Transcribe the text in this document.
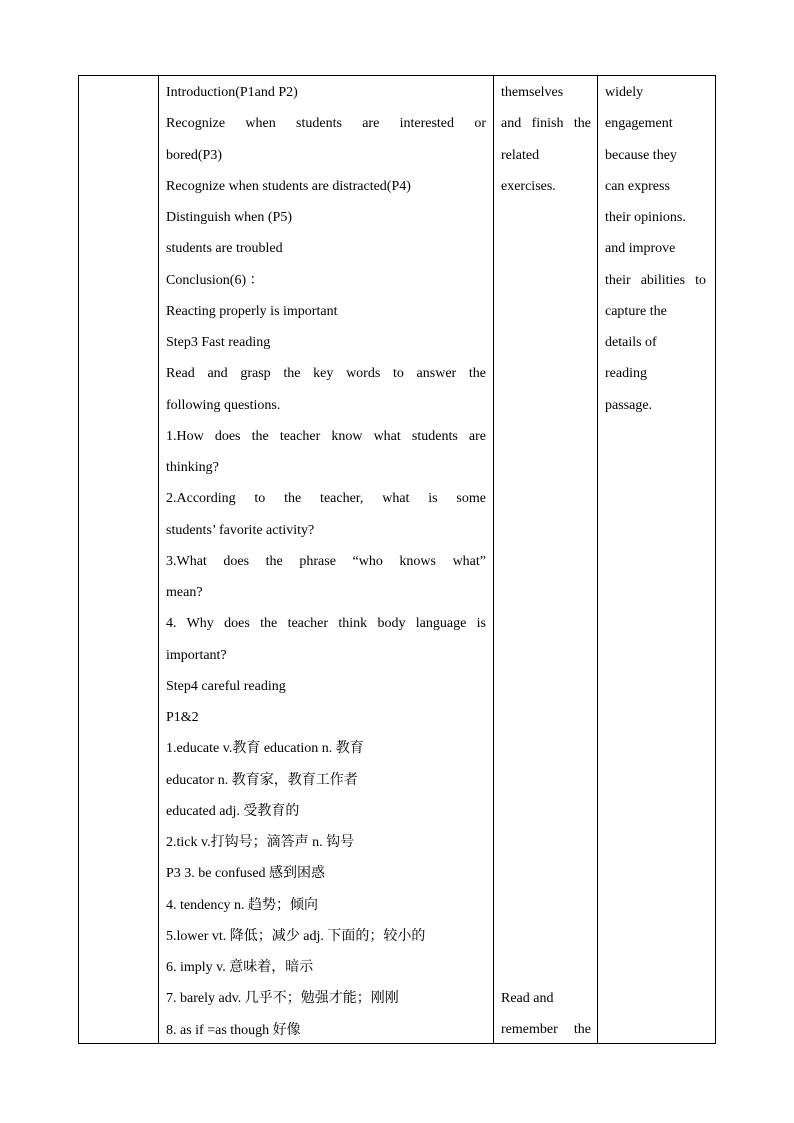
Introduction(P1and P2)
Recognize when students are interested or
bored(P3)
Recognize when students are distracted(P4)
Distinguish when (P5)
students are troubled
Conclusion(6) ：
Reacting properly is important
Step3 Fast reading
Read and grasp the key words to answer the
following questions.
1.How does the teacher know what students are
thinking?
2.According to the teacher, what is some
students’ favorite activity?
3.What does the phrase “who knows what”
mean?
4. Why does the teacher think body language is
important?
Step4 careful reading
P1&2
1.educate v.教育 education n. 教育
educator n. 教育家，教育工作者
educated adj. 受教育的
2.tick v.打钩号；滴答声 n. 钩号
P3 3. be confused 感到困惑
4. tendency n. 趋势；倾向
5.lower vt. 降低；减少 adj. 下面的；较小的
6. imply v. 意味着，暗示
7. barely adv. 几乎不；勉强才能；刚刚
8. as if =as though 好像
themselves
and finish the
related
exercises.
Read and
remember the
widely
engagement
because they
can express
their opinions.
and improve
their abilities to
capture the
details of
reading
passage.
